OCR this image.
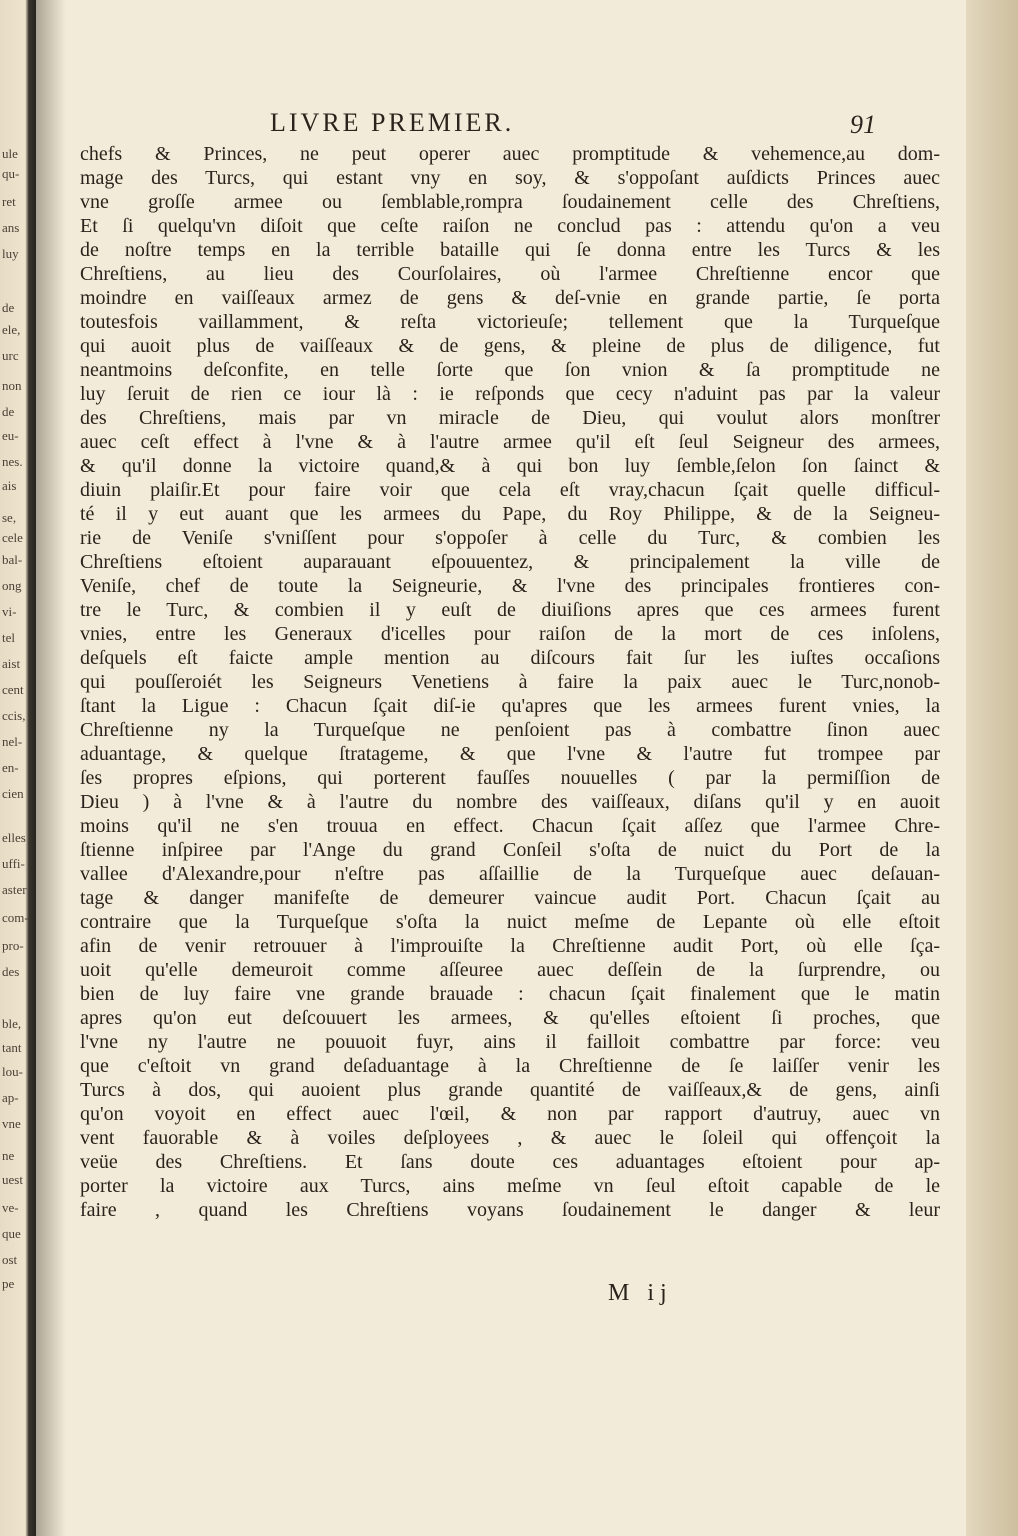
ule
qu-
ret
ans
luy
de
ele,
urc
non
de
eu-
nes.
ais
se,
cele
bal-
ong
vi-
tel
aist
cent
ccis,
nel-
en-
cien
elles
uffi-
aster
com-
pro-
des
ble,
tant
lou-
ap-
vne
ne
uest
ve-
que
ost
pe
LIVRE PREMIER.	91
chefs & Princes, ne peut operer auec promptitude & vehemence,au dom-
mage des Turcs, qui estant vny en soy, & s'oppoſant auſdicts Princes auec
vne groſſe armee ou ſemblable,rompra ſoudainement celle des Chreſtiens,
Et ſi quelqu'vn diſoit que ceſte raiſon ne conclud pas : attendu qu'on a veu
de noſtre temps en la terrible bataille qui ſe donna entre les Turcs & les
Chreſtiens, au lieu des Courſolaires, où l'armee Chreſtienne encor que
moindre en vaiſſeaux armez de gens & deſ-vnie en grande partie, ſe porta
toutesfois vaillamment, & reſta victorieuſe; tellement que la Turqueſque
qui auoit plus de vaiſſeaux & de gens, & pleine de plus de diligence, fut
neantmoins deſconfite, en telle ſorte que ſon vnion & ſa promptitude ne
luy ſeruit de rien ce iour là : ie reſponds que cecy n'aduint pas par la valeur
des Chreſtiens, mais par vn miracle de Dieu, qui voulut alors monſtrer
auec ceſt effect à l'vne & à l'autre armee qu'il eſt ſeul Seigneur des armees,
& qu'il donne la victoire quand,& à qui bon luy ſemble,ſelon ſon ſainct &
diuin plaiſir.Et pour faire voir que cela eſt vray,chacun ſçait quelle difficul-
té il y eut auant que les armees du Pape, du Roy Philippe, & de la Seigneu-
rie de Veniſe s'vniſſent pour s'oppoſer à celle du Turc, & combien les
Chreſtiens eſtoient auparauant eſpouuentez, & principalement la ville de
Veniſe, chef de toute la Seigneurie, & l'vne des principales frontieres con-
tre le Turc, & combien il y euſt de diuiſions apres que ces armees furent
vnies, entre les Generaux d'icelles pour raiſon de la mort de ces inſolens,
deſquels eſt faicte ample mention au diſcours fait ſur les iuſtes occaſions
qui pouſſeroiét les Seigneurs Venetiens à faire la paix auec le Turc,nonob-
ſtant la Ligue : Chacun ſçait diſ-ie qu'apres que les armees furent vnies, la
Chreſtienne ny la Turqueſque ne penſoient pas à combattre ſinon auec
aduantage, & quelque ſtratageme, & que l'vne & l'autre fut trompee par
ſes propres eſpions, qui porterent fauſſes nouuelles ( par la permiſſion de
Dieu ) à l'vne & à l'autre du nombre des vaiſſeaux, diſans qu'il y en auoit
moins qu'il ne s'en trouua en effect. Chacun ſçait aſſez que l'armee Chre-
ſtienne inſpiree par l'Ange du grand Conſeil s'oſta de nuict du Port de la
vallee d'Alexandre,pour n'eſtre pas aſſaillie de la Turqueſque auec deſauan-
tage & danger manifeſte de demeurer vaincue audit Port. Chacun ſçait au
contraire que la Turqueſque s'oſta la nuict meſme de Lepante où elle eſtoit
afin de venir retrouuer à l'improuiſte la Chreſtienne audit Port, où elle ſça-
uoit qu'elle demeuroit comme aſſeuree auec deſſein de la ſurprendre, ou
bien de luy faire vne grande brauade : chacun ſçait finalement que le matin
apres qu'on eut deſcouuert les armees, & qu'elles eſtoient ſi proches, que
l'vne ny l'autre ne pouuoit fuyr, ains il failloit combattre par force: veu
que c'eſtoit vn grand deſaduantage à la Chreſtienne de ſe laiſſer venir les
Turcs à dos, qui auoient plus grande quantité de vaiſſeaux,& de gens, ainſi
qu'on voyoit en effect auec l'œil, & non par rapport d'autruy, auec vn
vent fauorable & à voiles deſployees , & auec le ſoleil qui offençoit la
veüe des Chreſtiens. Et ſans doute ces aduantages eſtoient pour ap-
porter la victoire aux Turcs, ains meſme vn ſeul eſtoit capable de le
faire , quand les Chreſtiens voyans ſoudainement le danger & leur
M ij
